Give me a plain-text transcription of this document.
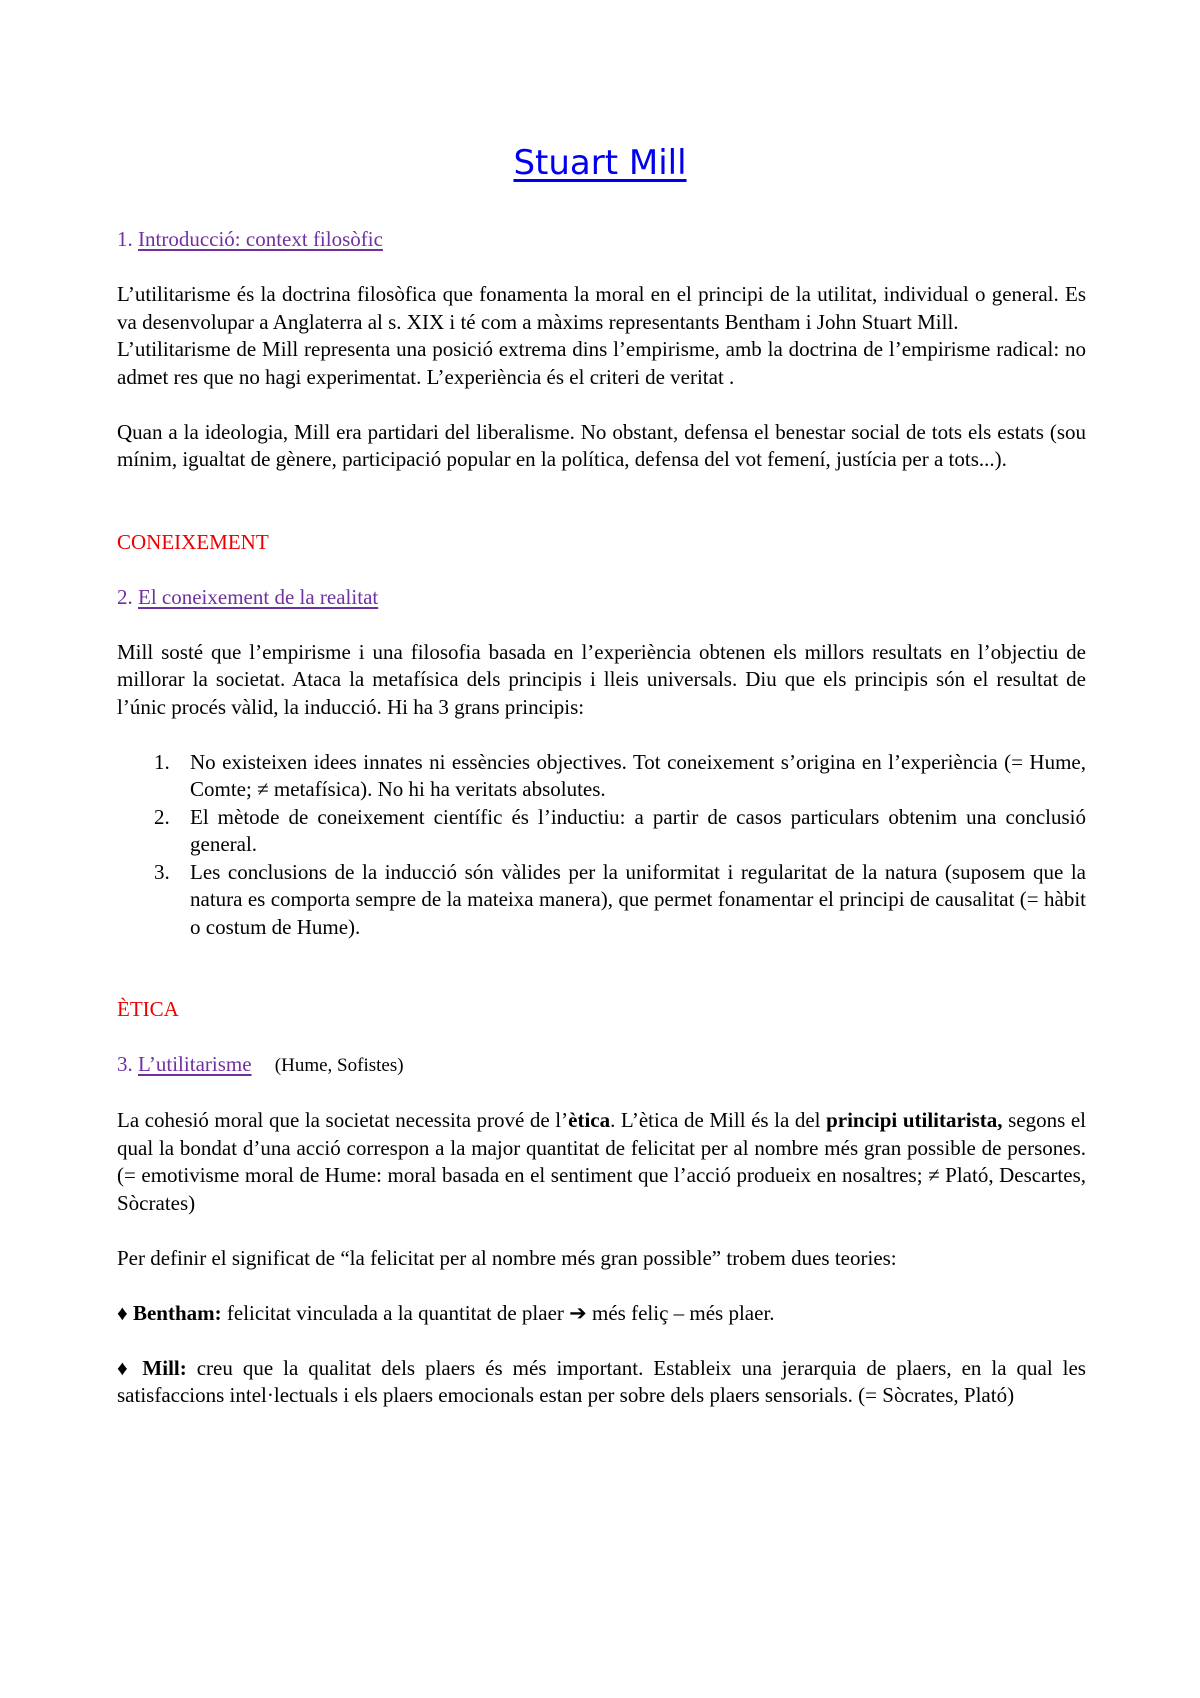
Stuart Mill

1. Introducció: context filosòfic

L’utilitarisme és la doctrina filosòfica que fonamenta la moral en el principi de la utilitat, individual o general. Es va desenvolupar a Anglaterra al s. XIX i té com a màxims representants Bentham i John Stuart Mill.

L’utilitarisme de Mill representa una posició extrema dins l’empirisme, amb la doctrina de l’empirisme radical: no admet res que no hagi experimentat. L’experiència és el criteri de veritat .

Quan a la ideologia, Mill era partidari del liberalisme. No obstant, defensa el benestar social de tots els estats (sou mínim, igualtat de gènere, participació popular en la política, defensa del vot femení, justícia per a tots...).

CONEIXEMENT

2. El coneixement de la realitat

Mill sosté que l’empirisme i una filosofia basada en l’experiència obtenen els millors resultats en l’objectiu de millorar la societat. Ataca la metafísica dels principis i lleis universals. Diu que els principis són el resultat de l’únic procés vàlid, la inducció. Hi ha 3 grans principis:

1. No existeixen idees innates ni essències objectives. Tot coneixement s’origina en l’experiència (= Hume, Comte; ≠ metafísica). No hi ha veritats absolutes.
2. El mètode de coneixement científic és l’inductiu: a partir de casos particulars obtenim una conclusió general.
3. Les conclusions de la inducció són vàlides per la uniformitat i regularitat de la natura (suposem que la natura es comporta sempre de la mateixa manera), que permet fonamentar el principi de causalitat (= hàbit o costum de Hume).

ÈTICA

3. L’utilitarisme (Hume, Sofistes)

La cohesió moral que la societat necessita prové de l’ètica. L’ètica de Mill és la del principi utilitarista, segons el qual la bondat d’una acció correspon a la major quantitat de felicitat per al nombre més gran possible de persones. (= emotivisme moral de Hume: moral basada en el sentiment que l’acció produeix en nosaltres; ≠ Plató, Descartes, Sòcrates)

Per definir el significat de “la felicitat per al nombre més gran possible” trobem dues teories:

♦ Bentham: felicitat vinculada a la quantitat de plaer ➔ més feliç – més plaer.

♦ Mill: creu que la qualitat dels plaers és més important. Estableix una jerarquia de plaers, en la qual les satisfaccions intel·lectuals i els plaers emocionals estan per sobre dels plaers sensorials. (= Sòcrates, Plató)
